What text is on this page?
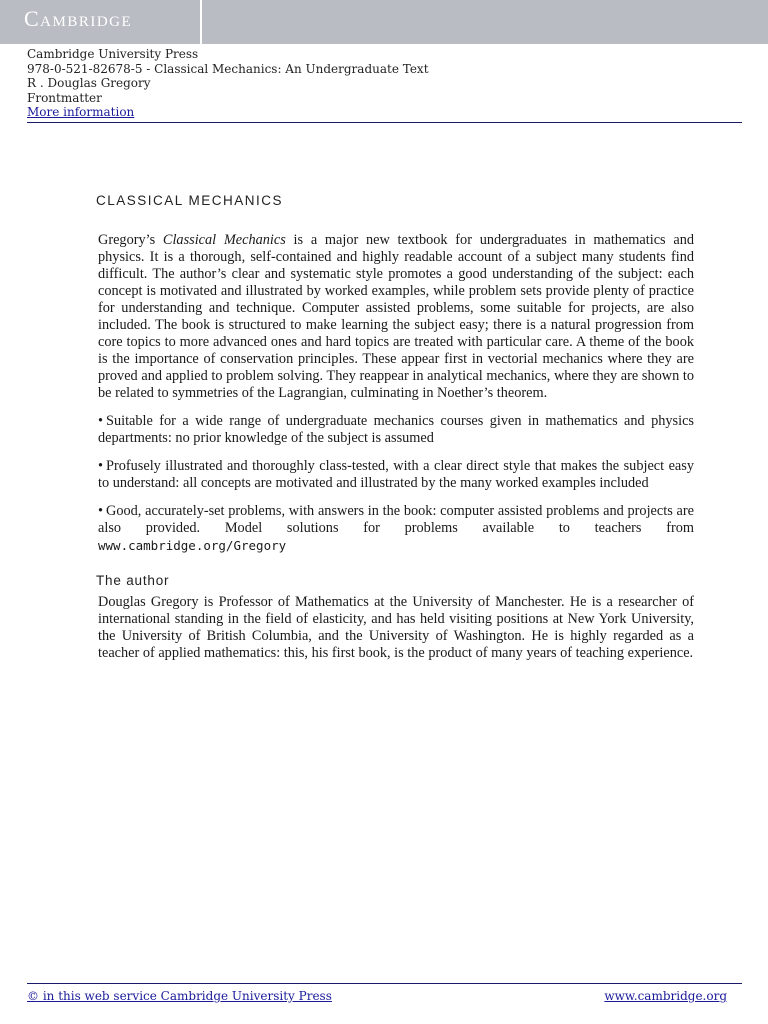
Cambridge
Cambridge University Press
978-0-521-82678-5 - Classical Mechanics: An Undergraduate Text
R . Douglas Gregory
Frontmatter
More information
CLASSICAL MECHANICS

Gregory’s Classical Mechanics is a major new textbook for undergraduates in mathematics and physics. It is a thorough, self-contained and highly readable account of a subject many students find difficult. The author’s clear and systematic style promotes a good understanding of the subject: each concept is motivated and illustrated by worked examples, while problem sets provide plenty of practice for understanding and technique. Computer assisted problems, some suitable for projects, are also included. The book is structured to make learning the subject easy; there is a natural progression from core topics to more advanced ones and hard topics are treated with particular care. A theme of the book is the importance of conservation principles. These appear first in vectorial mechanics where they are proved and applied to problem solving. They reappear in analytical mechanics, where they are shown to be related to symmetries of the Lagrangian, culminating in Noether’s theorem.

• Suitable for a wide range of undergraduate mechanics courses given in mathematics and physics departments: no prior knowledge of the subject is assumed

• Profusely illustrated and thoroughly class-tested, with a clear direct style that makes the subject easy to understand: all concepts are motivated and illustrated by the many worked examples included

• Good, accurately-set problems, with answers in the book: computer assisted problems and projects are also provided. Model solutions for problems available to teachers from www.cambridge.org/Gregory

The author

Douglas Gregory is Professor of Mathematics at the University of Manchester. He is a researcher of international standing in the field of elasticity, and has held visiting positions at New York University, the University of British Columbia, and the University of Washington. He is highly regarded as a teacher of applied mathematics: this, his first book, is the product of many years of teaching experience.

© in this web service Cambridge University Press	www.cambridge.org
